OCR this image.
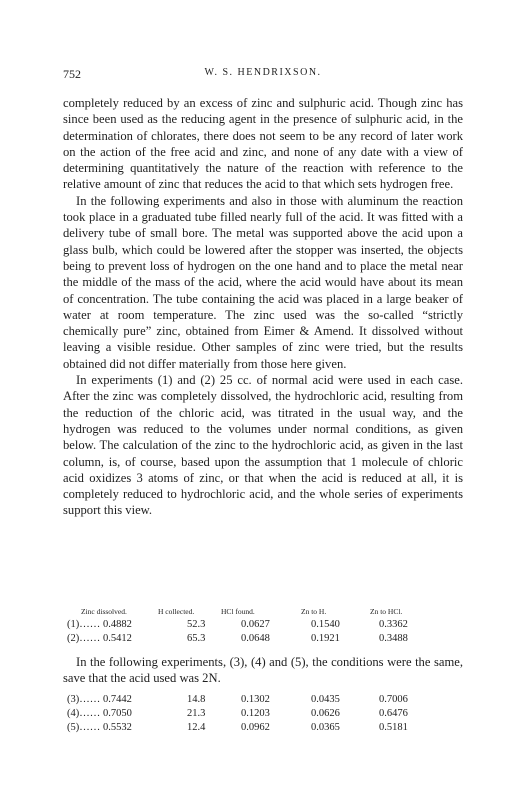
752	W. S. HENDRIXSON.

completely reduced by an excess of zinc and sulphuric acid. Though zinc has since been used as the reducing agent in the presence of sulphuric acid, in the determination of chlorates, there does not seem to be any record of later work on the action of the free acid and zinc, and none of any date with a view of determining quantitatively the nature of the reaction with reference to the relative amount of zinc that reduces the acid to that which sets hydrogen free.

In the following experiments and also in those with aluminum the reaction took place in a graduated tube filled nearly full of the acid. It was fitted with a delivery tube of small bore. The metal was supported above the acid upon a glass bulb, which could be lowered after the stopper was inserted, the objects being to prevent loss of hydrogen on the one hand and to place the metal near the middle of the mass of the acid, where the acid would have about its mean of concentration. The tube containing the acid was placed in a large beaker of water at room temperature. The zinc used was the so-called “strictly chemically pure” zinc, obtained from Eimer & Amend. It dissolved without leaving a visible residue. Other samples of zinc were tried, but the results obtained did not differ materially from those here given.

In experiments (1) and (2) 25 cc. of normal acid were used in each case. After the zinc was completely dissolved, the hydrochloric acid, resulting from the reduction of the chloric acid, was titrated in the usual way, and the hydrogen was reduced to the volumes under normal conditions, as given below. The calculation of the zinc to the hydrochloric acid, as given in the last column, is, of course, based upon the assumption that 1 molecule of chloric acid oxidizes 3 atoms of zinc, or that when the acid is reduced at all, it is completely reduced to hydrochloric acid, and the whole series of experiments support this view.

Zinc dissolved.	H collected.	HCl found.	Zn to H.	Zn to HCl.
(1)…… 0.4882	52.3	0.0627	0.1540	0.3362
(2)…… 0.5412	65.3	0.0648	0.1921	0.3488

In the following experiments, (3), (4) and (5), the conditions were the same, save that the acid used was 2N.

(3)…… 0.7442	14.8	0.1302	0.0435	0.7006
(4)…… 0.7050	21.3	0.1203	0.0626	0.6476
(5)…… 0.5532	12.4	0.0962	0.0365	0.5181
